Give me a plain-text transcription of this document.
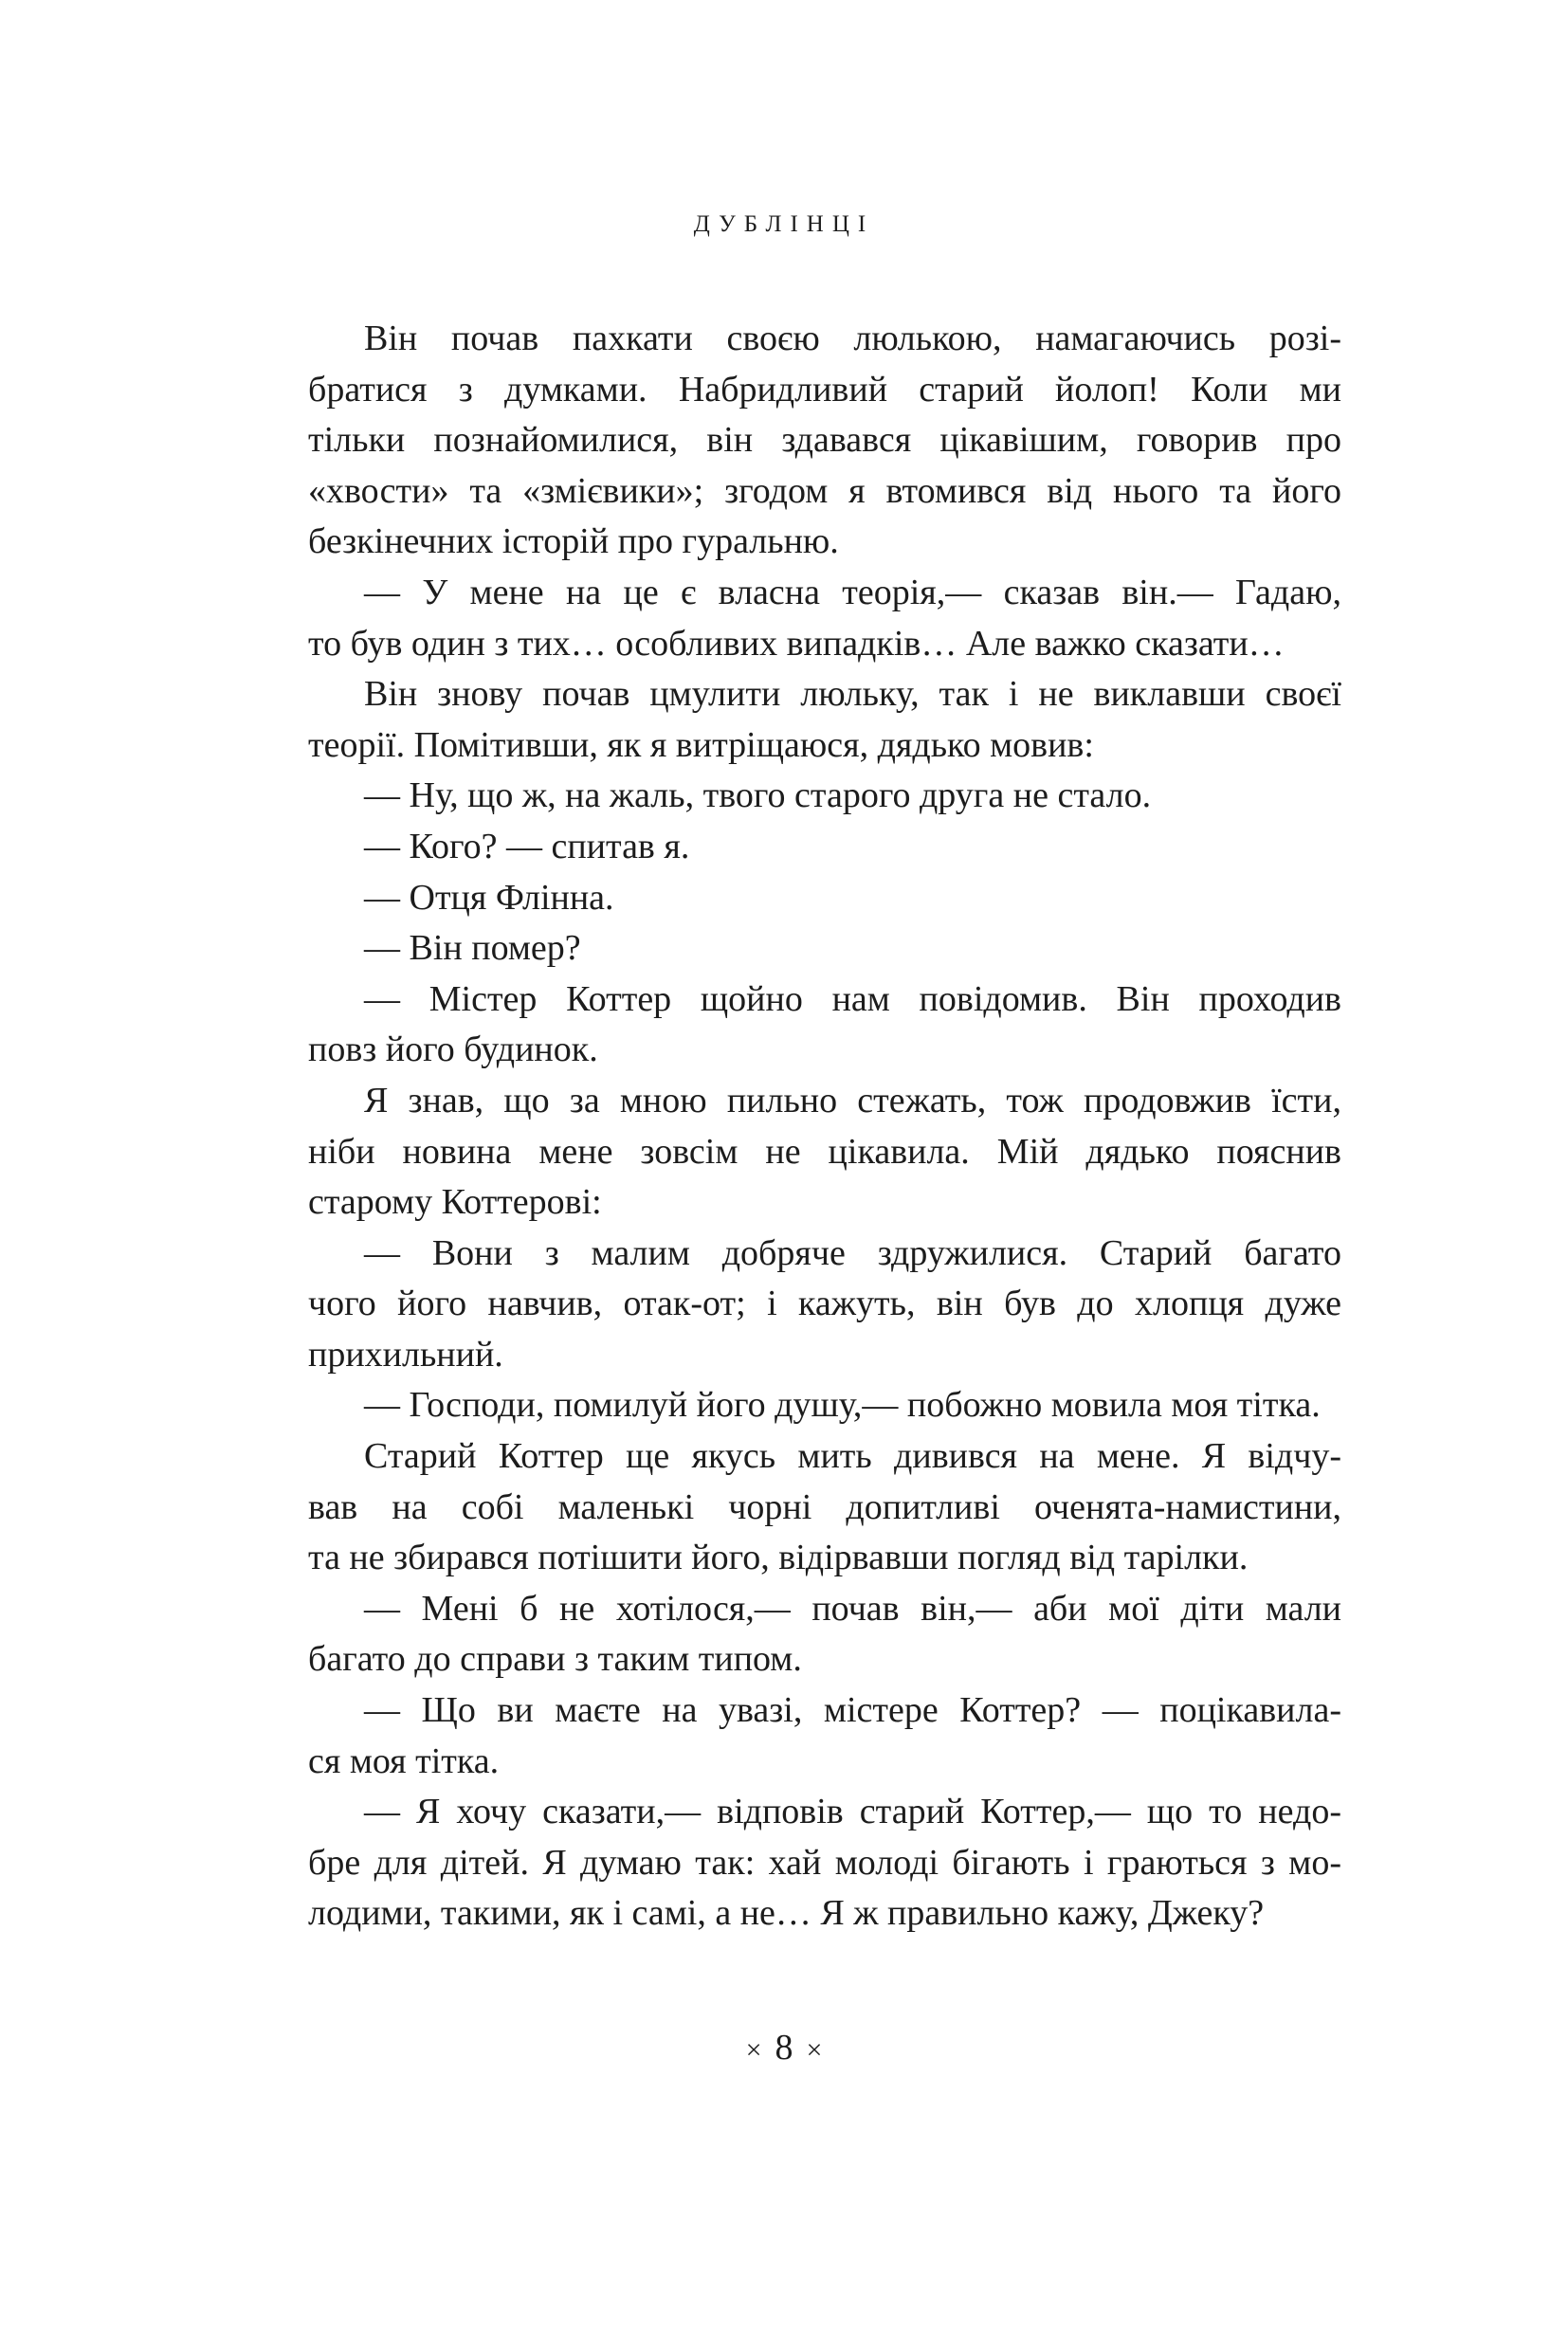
ДУБЛІНЦІ

Він почав пахкати своєю люлькою, намагаючись розі-

братися з думками. Набридливий старий йолоп! Коли ми

тільки познайомилися, він здавався цікавішим, говорив про

«хвости» та «змієвики»; згодом я втомився від нього та його

безкінечних історій про гуральню.

— У мене на це є власна теорія,— сказав він.— Гадаю,

то був один з тих… особливих випадків… Але важко сказати…

Він знову почав цмулити люльку, так і не виклавши своєї

теорії. Помітивши, як я витріщаюся, дядько мовив:

— Ну, що ж, на жаль, твого старого друга не стало.

— Кого? — спитав я.

— Отця Флінна.

— Він помер?

— Містер Коттер щойно нам повідомив. Він проходив

повз його будинок.

Я знав, що за мною пильно стежать, тож продовжив їсти,

ніби новина мене зовсім не цікавила. Мій дядько пояснив

старому Коттерові:

— Вони з малим добряче здружилися. Старий багато

чого його навчив, отак-от; і кажуть, він був до хлопця дуже

прихильний.

— Господи, помилуй його душу,— побожно мовила моя тітка.

Старий Коттер ще якусь мить дивився на мене. Я відчу-

вав на собі маленькі чорні допитливі оченята-намистини,

та не збирався потішити його, відірвавши погляд від тарілки.

— Мені б не хотілося,— почав він,— аби мої діти мали

багато до справи з таким типом.

— Що ви маєте на увазі, містере Коттер? — поцікавила-

ся моя тітка.

— Я хочу сказати,— відповів старий Коттер,— що то недо-

бре для дітей. Я думаю так: хай молоді бігають і граються з мо-

лодими, такими, як і самі, а не… Я ж правильно кажу, Джеку?

× 8 ×
